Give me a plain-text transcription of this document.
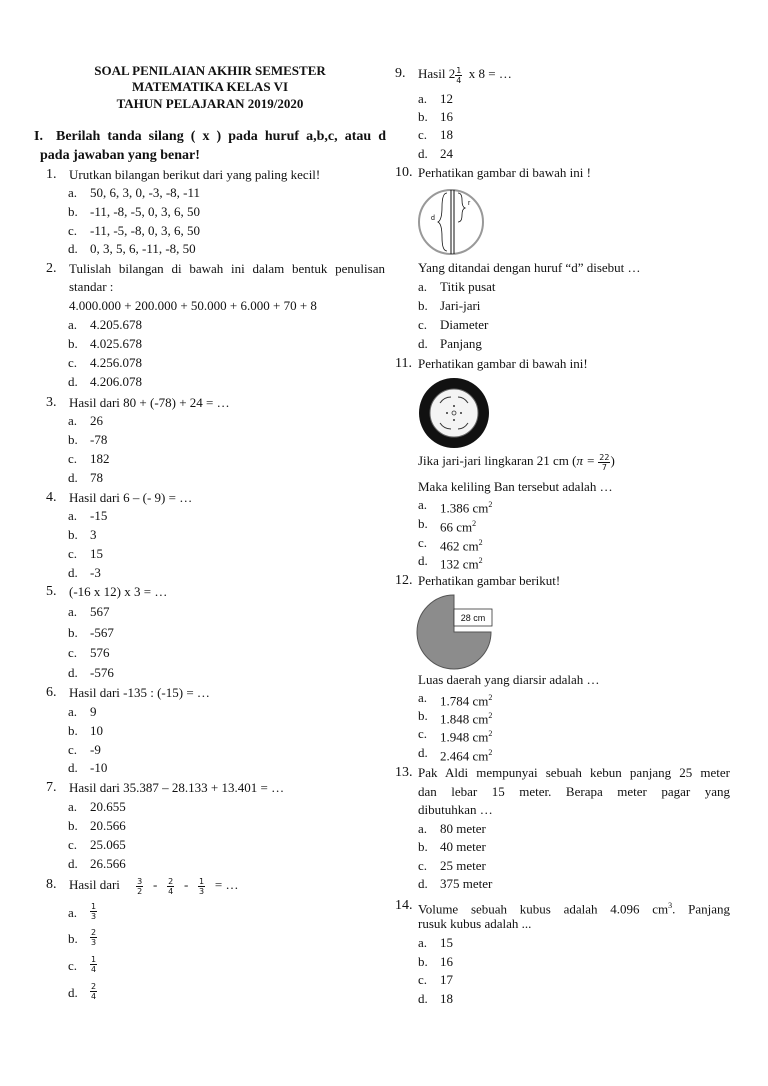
SOAL PENILAIAN AKHIR SEMESTER
MATEMATIKA KELAS VI
TAHUN PELAJARAN 2019/2020
I. Berilah tanda silang ( x ) pada huruf a,b,c, atau d
pada jawaban yang benar!
1. Urutkan bilangan berikut dari yang paling kecil!
a. 50, 6, 3, 0, -3, -8, -11
b. -11, -8, -5, 0, 3, 6, 50
c. -11, -5, -8, 0, 3, 6, 50
d. 0, 3, 5, 6, -11, -8, 50
2. Tulislah bilangan di bawah ini dalam bentuk penulisan
standar :
4.000.000 + 200.000 + 50.000 + 6.000 + 70 + 8
a. 4.205.678
b. 4.025.678
c. 4.256.078
d. 4.206.078
3. Hasil dari 80 + (-78) + 24 = …
a. 26
b. -78
c. 182
d. 78
4. Hasil dari 6 – (- 9) = …
a. -15
b. 3
c. 15
d. -3
5. (-16 x 12) x 3 = …
a. 567
b. -567
c. 576
d. -576
6. Hasil dari -135 : (-15) = …
a. 9
b. 10
c. -9
d. -10
7. Hasil dari 35.387 – 28.133 + 13.401 = …
a. 20.655
b. 20.566
c. 25.065
d. 26.566
8. Hasil dari $\frac{3}{2} - \frac{2}{4} - \frac{1}{3}$ = …
a. $\frac{1}{3}$
b. $\frac{2}{3}$
c. $\frac{1}{4}$
d. $\frac{2}{4}$
9. Hasil $2 \frac{1}{4}$ x 8 = …
a. 12
b. 16
c. 18
d. 24
10. Perhatikan gambar di bawah ini !
d
r
Yang ditandai dengan huruf “d” disebut …
a. Titik pusat
b. Jari-jari
c. Diameter
d. Panjang
11. Perhatikan gambar di bawah ini!
Jika jari-jari lingkaran 21 cm ($\pi = \frac{22}{7}$ )
Maka keliling Ban tersebut adalah …
a. 1.386 $cm^2$
b. 66 $cm^2$
c. 462 $cm^2$
d. 132 $cm^2$
12. Perhatikan gambar berikut!
28 cm
Luas daerah yang diarsir adalah …
a. 1.784 $cm^2$
b. 1.848 $cm^2$
c. 1.948 $cm^2$
d. 2.464 $cm^2$
13. Pak Aldi mempunyai sebuah kebun panjang 25 meter
dan lebar 15 meter. Berapa meter pagar yang
dibutuhkan …
a. 80 meter
b. 40 meter
c. 25 meter
d. 375 meter
14. Volume sebuah kubus adalah 4.096 $cm^3$. Panjang
rusuk kubus adalah ...
a. 15
b. 16
c. 17
d. 18
